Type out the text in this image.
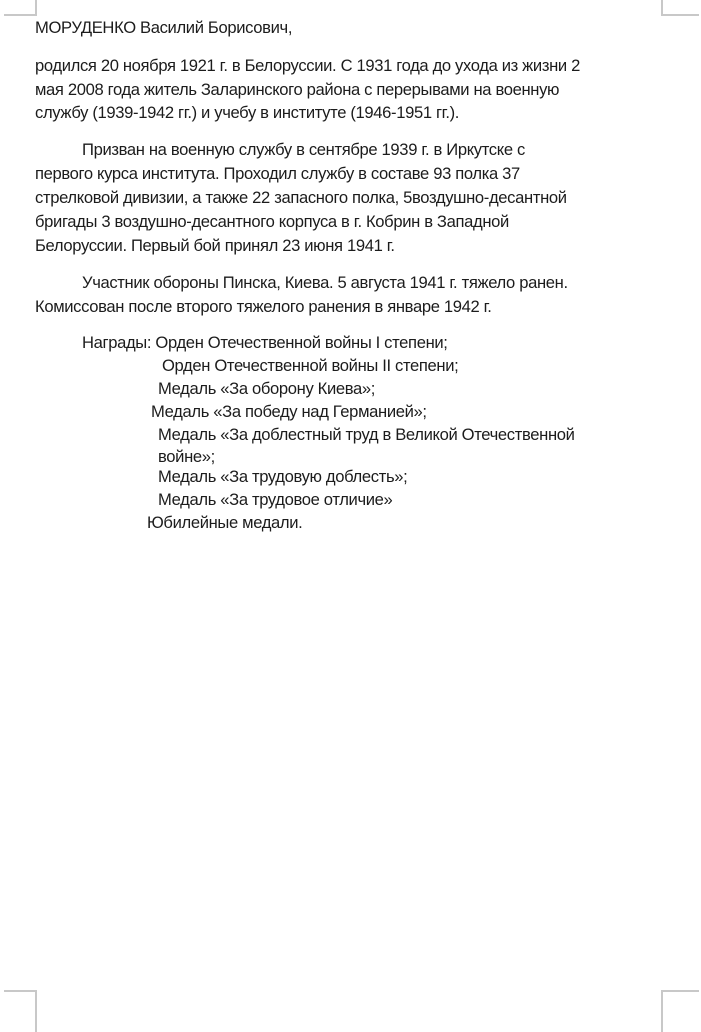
МОРУДЕНКО Василий Борисович,
родился 20 ноября 1921 г. в Белоруссии. С 1931 года до ухода из жизни 2
мая 2008 года житель Заларинского района с перерывами на военную
службу (1939-1942 гг.) и учебу в институте (1946-1951 гг.).
Призван на военную службу в сентябре 1939 г. в Иркутске с
первого курса института. Проходил службу в составе 93 полка 37
стрелковой дивизии, а также 22 запасного полка, 5воздушно-десантной
бригады 3 воздушно-десантного корпуса в г. Кобрин в Западной
Белоруссии. Первый бой принял 23 июня 1941 г.
Участник обороны Пинска, Киева. 5 августа 1941 г. тяжело ранен.
Комиссован после второго тяжелого ранения в январе 1942 г.
Награды: Орден Отечественной войны I степени;
Орден Отечественной войны II степени;
Медаль «За оборону Киева»;
Медаль «За победу над Германией»;
Медаль «За доблестный труд в Великой Отечественной
войне»;
Медаль «За трудовую доблесть»;
Медаль «За трудовое отличие»
Юбилейные медали.
